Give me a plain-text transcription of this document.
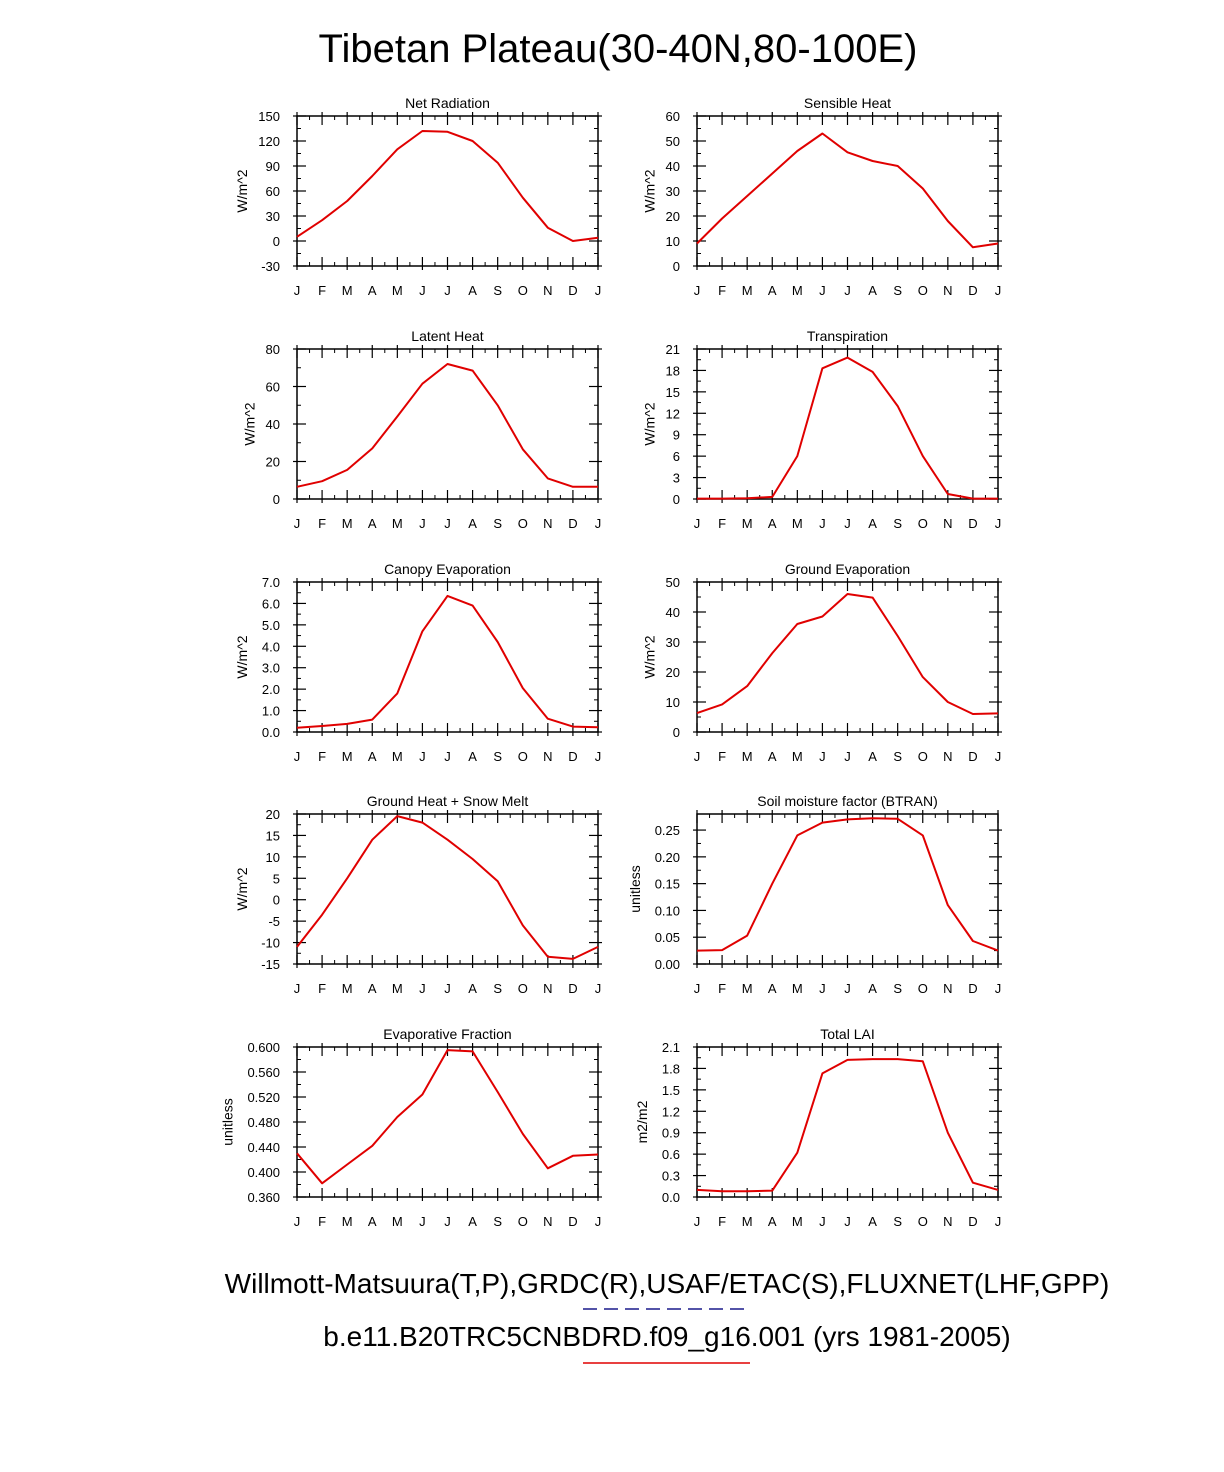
Tibetan Plateau(30-40N,80-100E)
Net Radiation
J F M A M J J A S O N D J
-30
0
30
60
90
120
150
W/m^2
Sensible Heat
J F M A M J J A S O N D J
0
10
20
30
40
50
60
W/m^2
Latent Heat
J F M A M J J A S O N D J
0
20
40
60
80
W/m^2
Transpiration
J F M A M J J A S O N D J
0
3
6
9
12
15
18
21
W/m^2
Canopy Evaporation
J F M A M J J A S O N D J
0.0
1.0
2.0
3.0
4.0
5.0
6.0
7.0
W/m^2
Ground Evaporation
J F M A M J J A S O N D J
0
10
20
30
40
50
W/m^2
Ground Heat + Snow Melt
J F M A M J J A S O N D J
-15
-10
-5
0
5
10
15
20
W/m^2
Soil moisture factor (BTRAN)
J F M A M J J A S O N D J
0.00
0.05
0.10
0.15
0.20
0.25
unitless
Evaporative Fraction
J F M A M J J A S O N D J
0.360
0.400
0.440
0.480
0.520
0.560
0.600
unitless
Total LAI
J F M A M J J A S O N D J
0.0
0.3
0.6
0.9
1.2
1.5
1.8
2.1
m2/m2
Willmott-Matsuura(T,P),GRDC(R),USAF/ETAC(S),FLUXNET(LHF,GPP)
b.e11.B20TRC5CNBDRD.f09_g16.001 (yrs 1981-2005)
